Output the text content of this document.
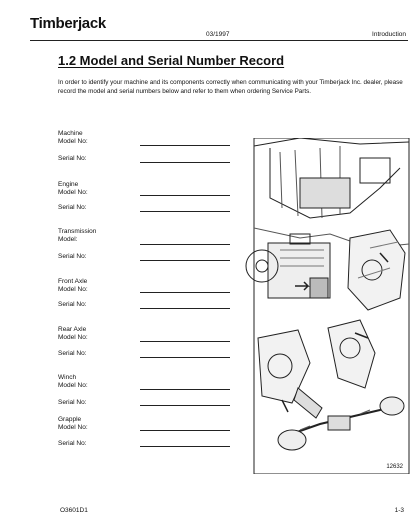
Timberjack
03/1997	Introduction
1.2 Model and Serial Number Record
In order to identify your machine and its components correctly when communicating with your Timberjack Inc. dealer, please record the model and serial numbers below and refer to them when ordering Service Parts.
Machine
Model No:
Serial No:
Engine
Model No:
Serial No:
Transmission
Model:
Serial No:
Front Axle
Model No:
Serial No:
Rear Axle
Model No:
Serial No:
Winch
Model No:
Serial No:
Grapple
Model No:
Serial No:
12632
O3601D1	1-3
